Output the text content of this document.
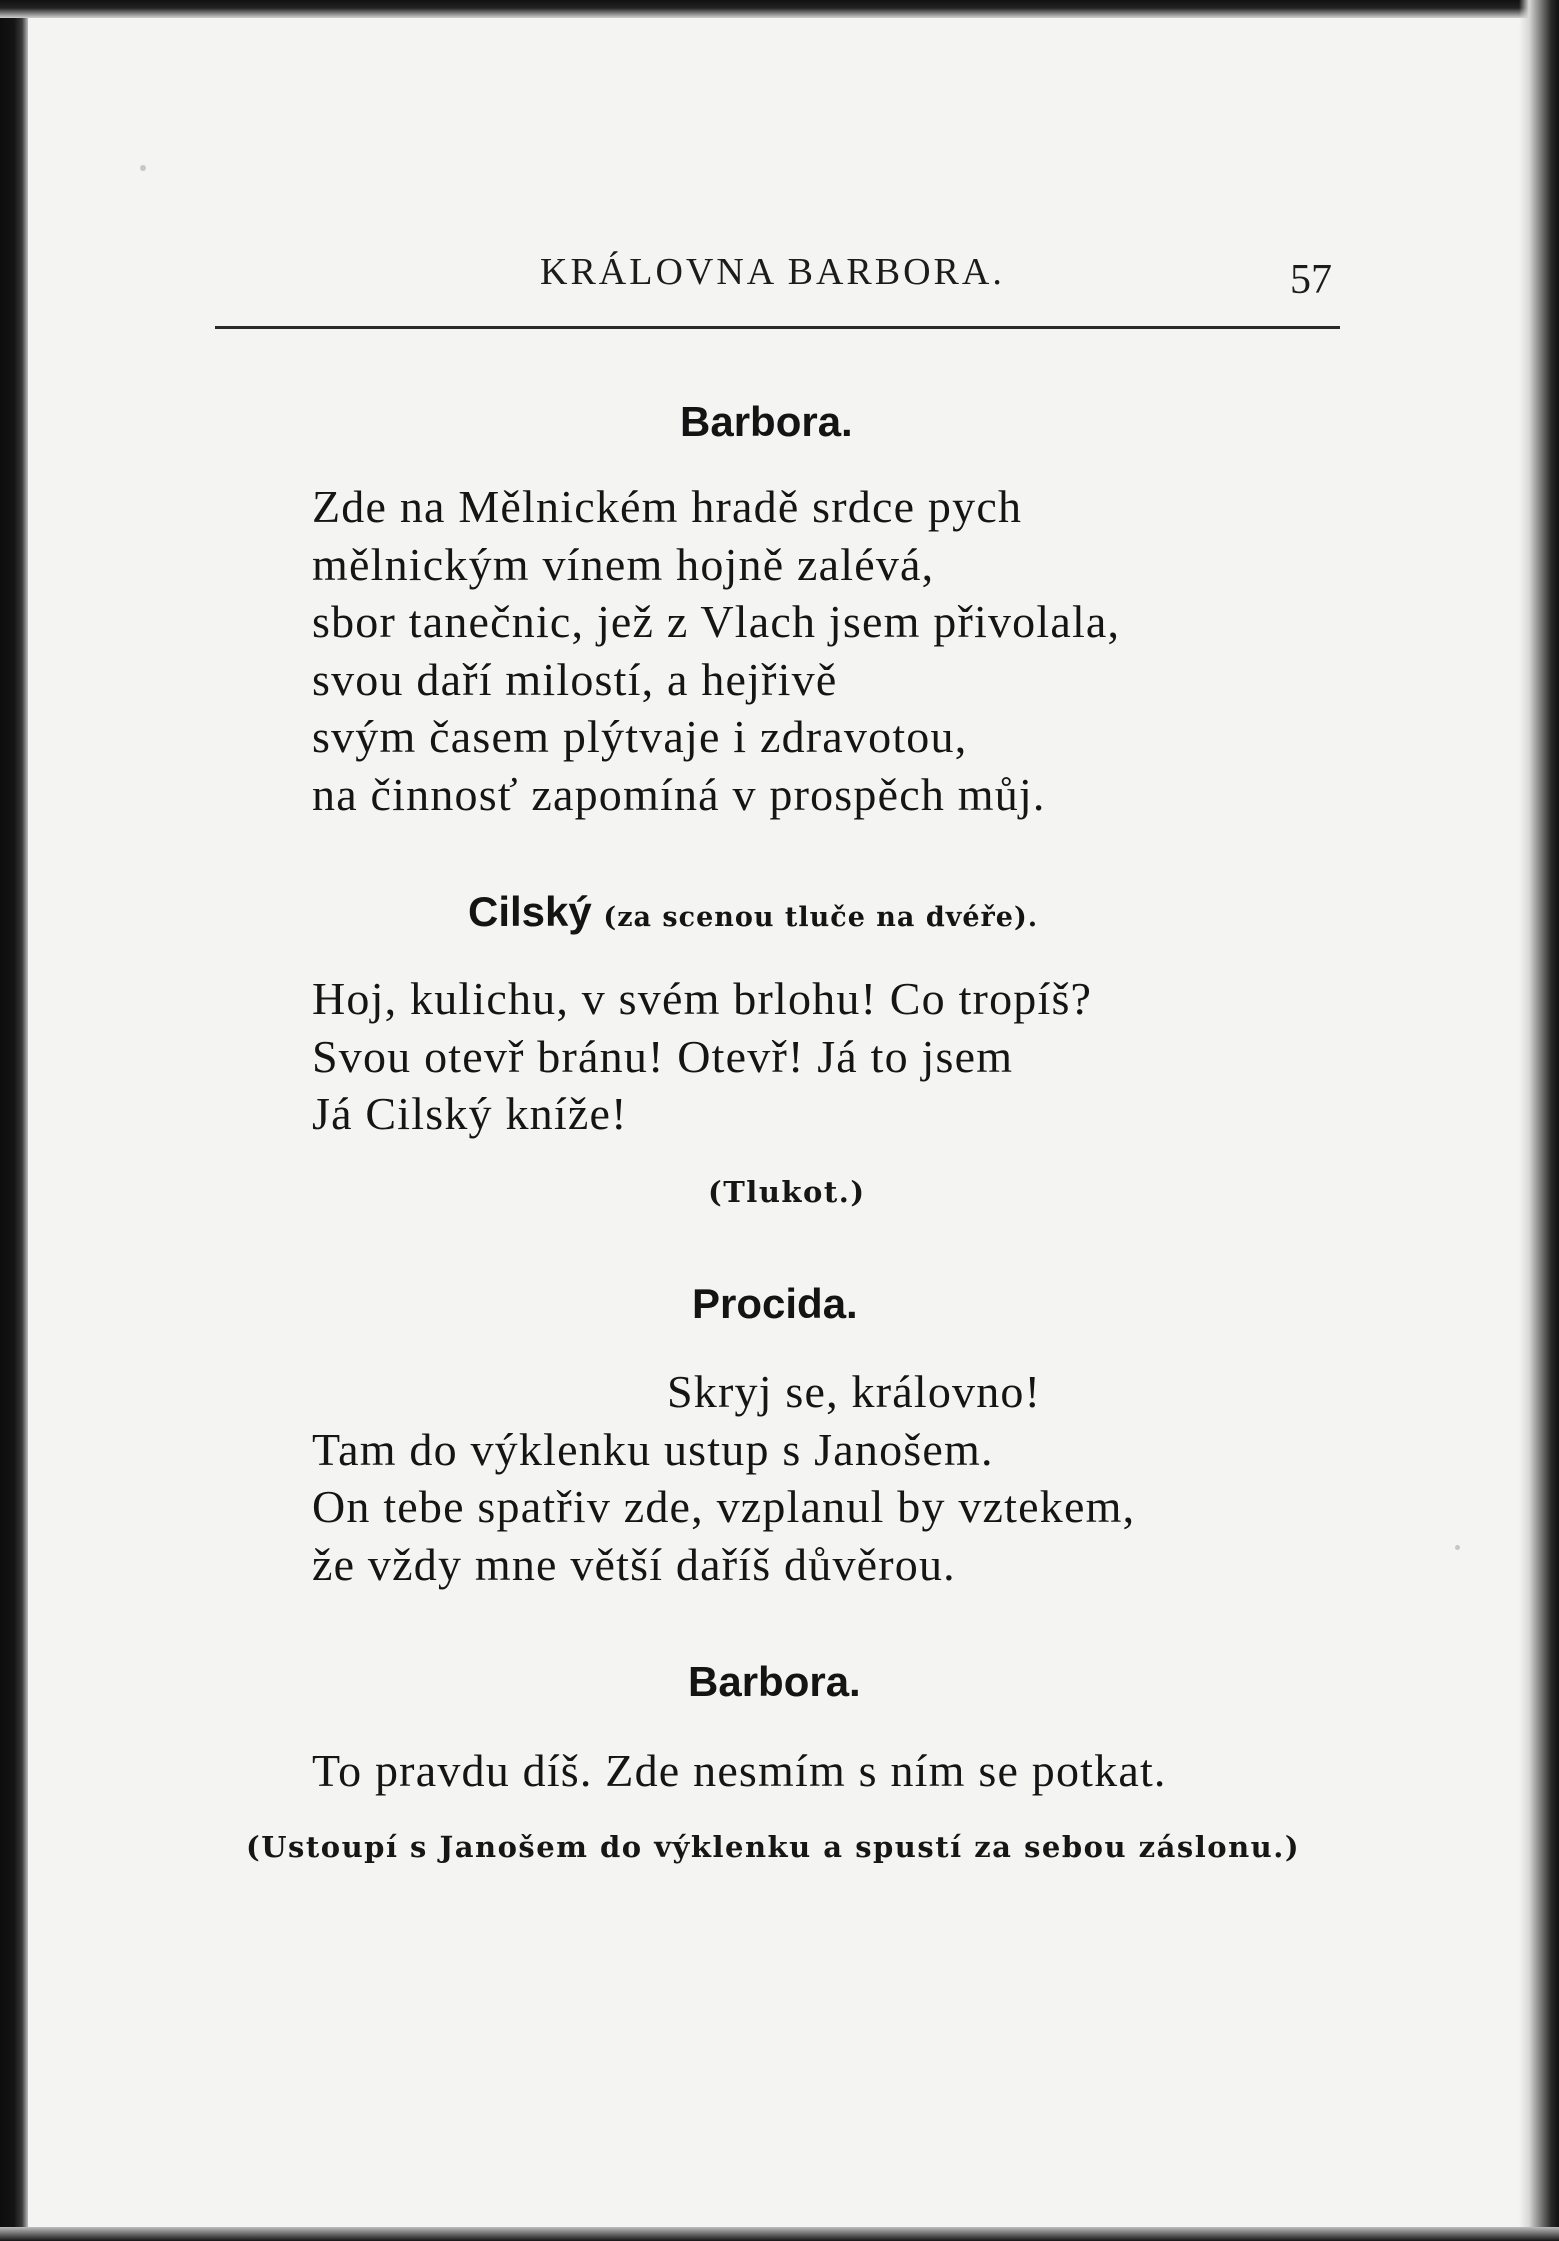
KRÁLOVNA BARBORA.	57
Barbora.
Zde na Mělnickém hradě srdce pych
mělnickým vínem hojně zalévá,
sbor tanečnic, jež z Vlach jsem přivolala,
svou daří milostí, a hejřivě
svým časem plýtvaje i zdravotou,
na činnosť zapomíná v prospěch můj.
Cilský (za scenou tluče na dvéře).
Hoj, kulichu, v svém brlohu! Co tropíš?
Svou otevř bránu! Otevř! Já to jsem
Já Cilský kníže!
(Tlukot.)
Procida.
Skryj se, královno!
Tam do výklenku ustup s Janošem.
On tebe spatřiv zde, vzplanul by vztekem,
že vždy mne větší daříš důvěrou.
Barbora.
To pravdu díš. Zde nesmím s ním se potkat.
(Ustoupí s Janošem do výklenku a spustí za sebou záslonu.)
